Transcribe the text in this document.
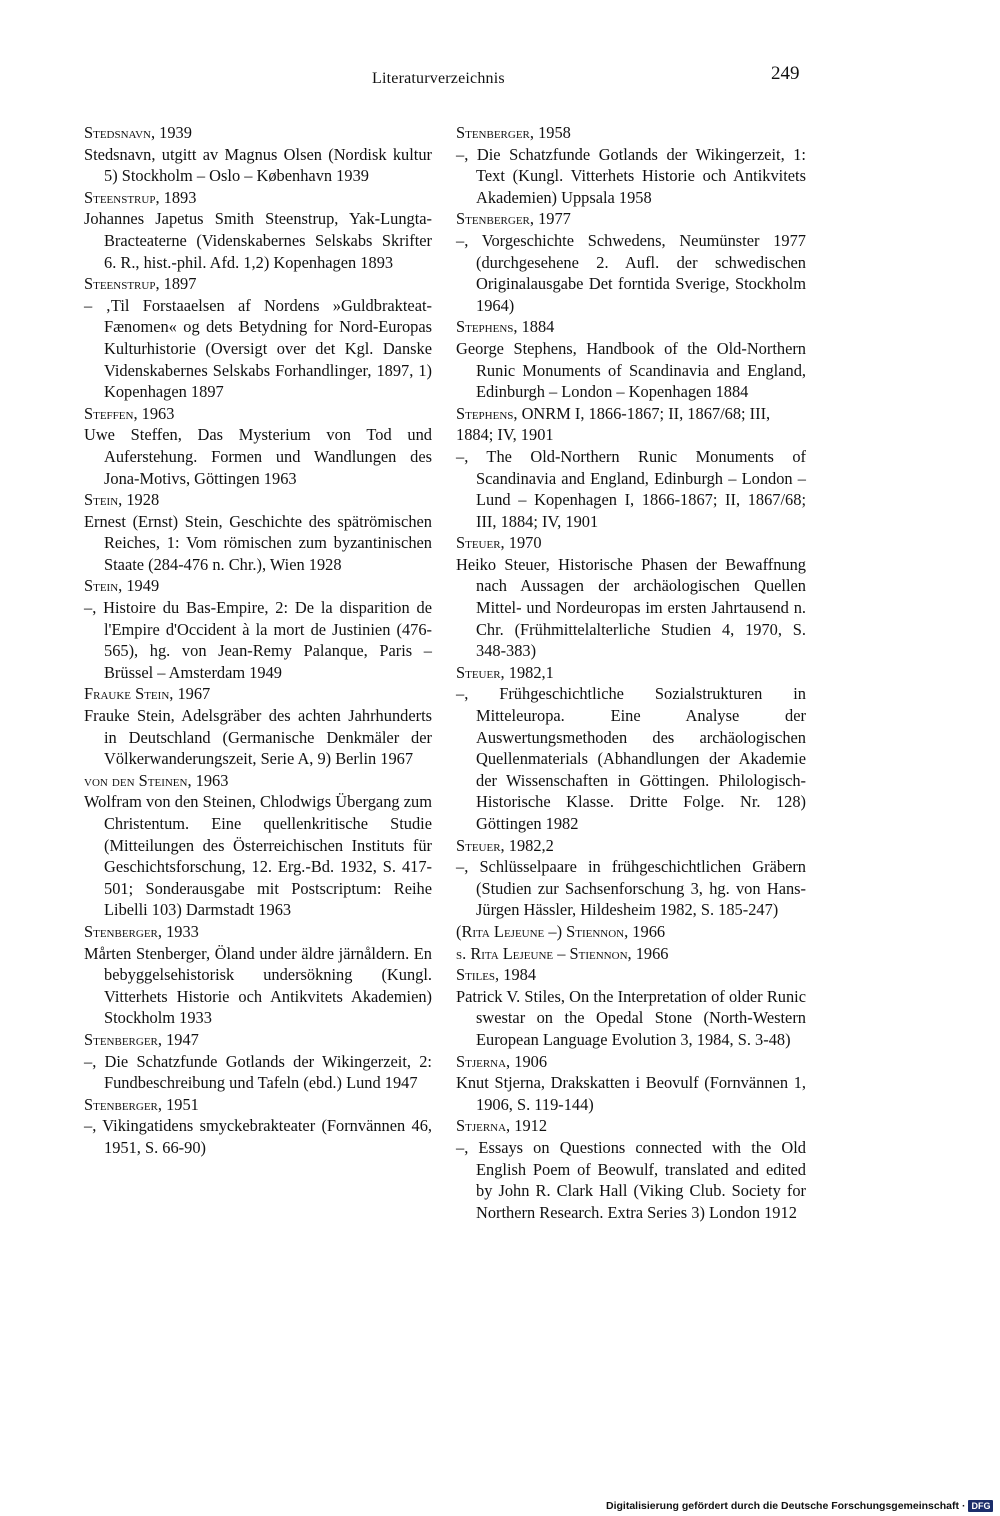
Literaturverzeichnis	249

Stedsnavn, 1939

Stedsnavn, utgitt av Magnus Olsen (Nordisk kultur 5) Stockholm – Oslo – København 1939

Steenstrup, 1893

Johannes Japetus Smith Steenstrup, Yak-Lungta-Bracteaterne (Videnskabernes Selskabs Skrifter 6. R., hist.-phil. Afd. 1,2) Kopenhagen 1893

Steenstrup, 1897

– ‚Til Forstaaelsen af Nordens »Guldbrakteat-Fænomen« og dets Betydning for Nord-Europas Kulturhistorie (Oversigt over det Kgl. Danske Videnskabernes Selskabs Forhandlinger, 1897, 1) Kopenhagen 1897

Steffen, 1963

Uwe Steffen, Das Mysterium von Tod und Auferstehung. Formen und Wandlungen des Jona-Motivs, Göttingen 1963

Stein, 1928

Ernest (Ernst) Stein, Geschichte des spätrömischen Reiches, 1: Vom römischen zum byzantinischen Staate (284-476 n. Chr.), Wien 1928

Stein, 1949

–, Histoire du Bas-Empire, 2: De la disparition de l'Empire d'Occident à la mort de Justinien (476-565), hg. von Jean-Remy Palanque, Paris – Brüssel – Amsterdam 1949

Frauke Stein, 1967

Frauke Stein, Adelsgräber des achten Jahrhunderts in Deutschland (Germanische Denkmäler der Völkerwanderungszeit, Serie A, 9) Berlin 1967

von den Steinen, 1963

Wolfram von den Steinen, Chlodwigs Übergang zum Christentum. Eine quellenkritische Studie (Mitteilungen des Österreichischen Instituts für Geschichtsforschung, 12. Erg.-Bd. 1932, S. 417-501; Sonderausgabe mit Postscriptum: Reihe Libelli 103) Darmstadt 1963

Stenberger, 1933

Mårten Stenberger, Öland under äldre järnåldern. En bebyggelsehistorisk undersökning (Kungl. Vitterhets Historie och Antikvitets Akademien) Stockholm 1933

Stenberger, 1947

–, Die Schatzfunde Gotlands der Wikingerzeit, 2: Fundbeschreibung und Tafeln (ebd.) Lund 1947

Stenberger, 1951

–, Vikingatidens smyckebrakteater (Fornvännen 46, 1951, S. 66-90)

Stenberger, 1958

–, Die Schatzfunde Gotlands der Wikingerzeit, 1: Text (Kungl. Vitterhets Historie och Antikvitets Akademien) Uppsala 1958

Stenberger, 1977

–, Vorgeschichte Schwedens, Neumünster 1977 (durchgesehene 2. Aufl. der schwedischen Originalausgabe Det forntida Sverige, Stockholm 1964)

Stephens, 1884

George Stephens, Handbook of the Old-Northern Runic Monuments of Scandinavia and England, Edinburgh – London – Kopenhagen 1884

Stephens, ONRM I, 1866-1867; II, 1867/68; III, 1884; IV, 1901

–, The Old-Northern Runic Monuments of Scandinavia and England, Edinburgh – London – Lund – Kopenhagen I, 1866-1867; II, 1867/68; III, 1884; IV, 1901

Steuer, 1970

Heiko Steuer, Historische Phasen der Bewaffnung nach Aussagen der archäologischen Quellen Mittel- und Nordeuropas im ersten Jahrtausend n. Chr. (Frühmittelalterliche Studien 4, 1970, S. 348-383)

Steuer, 1982,1

–, Frühgeschichtliche Sozialstrukturen in Mitteleuropa. Eine Analyse der Auswertungsmethoden des archäologischen Quellenmaterials (Abhandlungen der Akademie der Wissenschaften in Göttingen. Philologisch-Historische Klasse. Dritte Folge. Nr. 128) Göttingen 1982

Steuer, 1982,2

–, Schlüsselpaare in frühgeschichtlichen Gräbern (Studien zur Sachsenforschung 3, hg. von Hans-Jürgen Hässler, Hildesheim 1982, S. 185-247)

(Rita Lejeune –) Stiennon, 1966

s. Rita Lejeune – Stiennon, 1966

Stiles, 1984

Patrick V. Stiles, On the Interpretation of older Runic swestar on the Opedal Stone (North-Western European Language Evolution 3, 1984, S. 3-48)

Stjerna, 1906

Knut Stjerna, Drakskatten i Beovulf (Fornvännen 1, 1906, S. 119-144)

Stjerna, 1912

–, Essays on Questions connected with the Old English Poem of Beowulf, translated and edited by John R. Clark Hall (Viking Club. Society for Northern Research. Extra Series 3) London 1912

Digitalisierung gefördert durch die Deutsche Forschungsgemeinschaft · DFG
